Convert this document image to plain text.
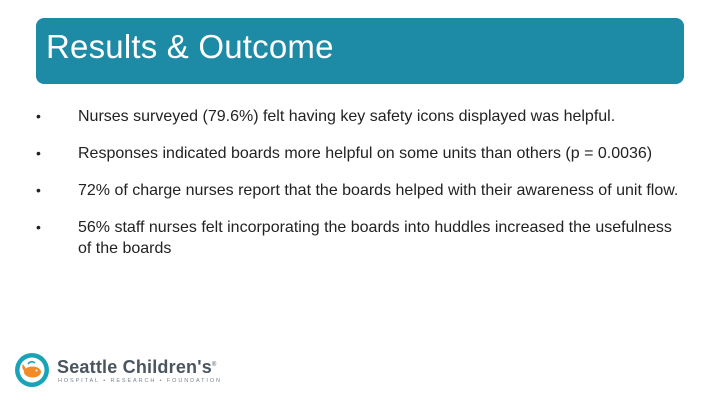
Results & Outcome
•	Nurses surveyed (79.6%) felt having key safety icons displayed was helpful.
•	Responses indicated boards more helpful on some units than others (p = 0.0036)
•	72% of charge nurses report that the boards helped with their awareness of unit flow.
•	56% staff nurses felt incorporating the boards into huddles increased the usefulness of the boards
Seattle Children's®
HOSPITAL • RESEARCH • FOUNDATION
